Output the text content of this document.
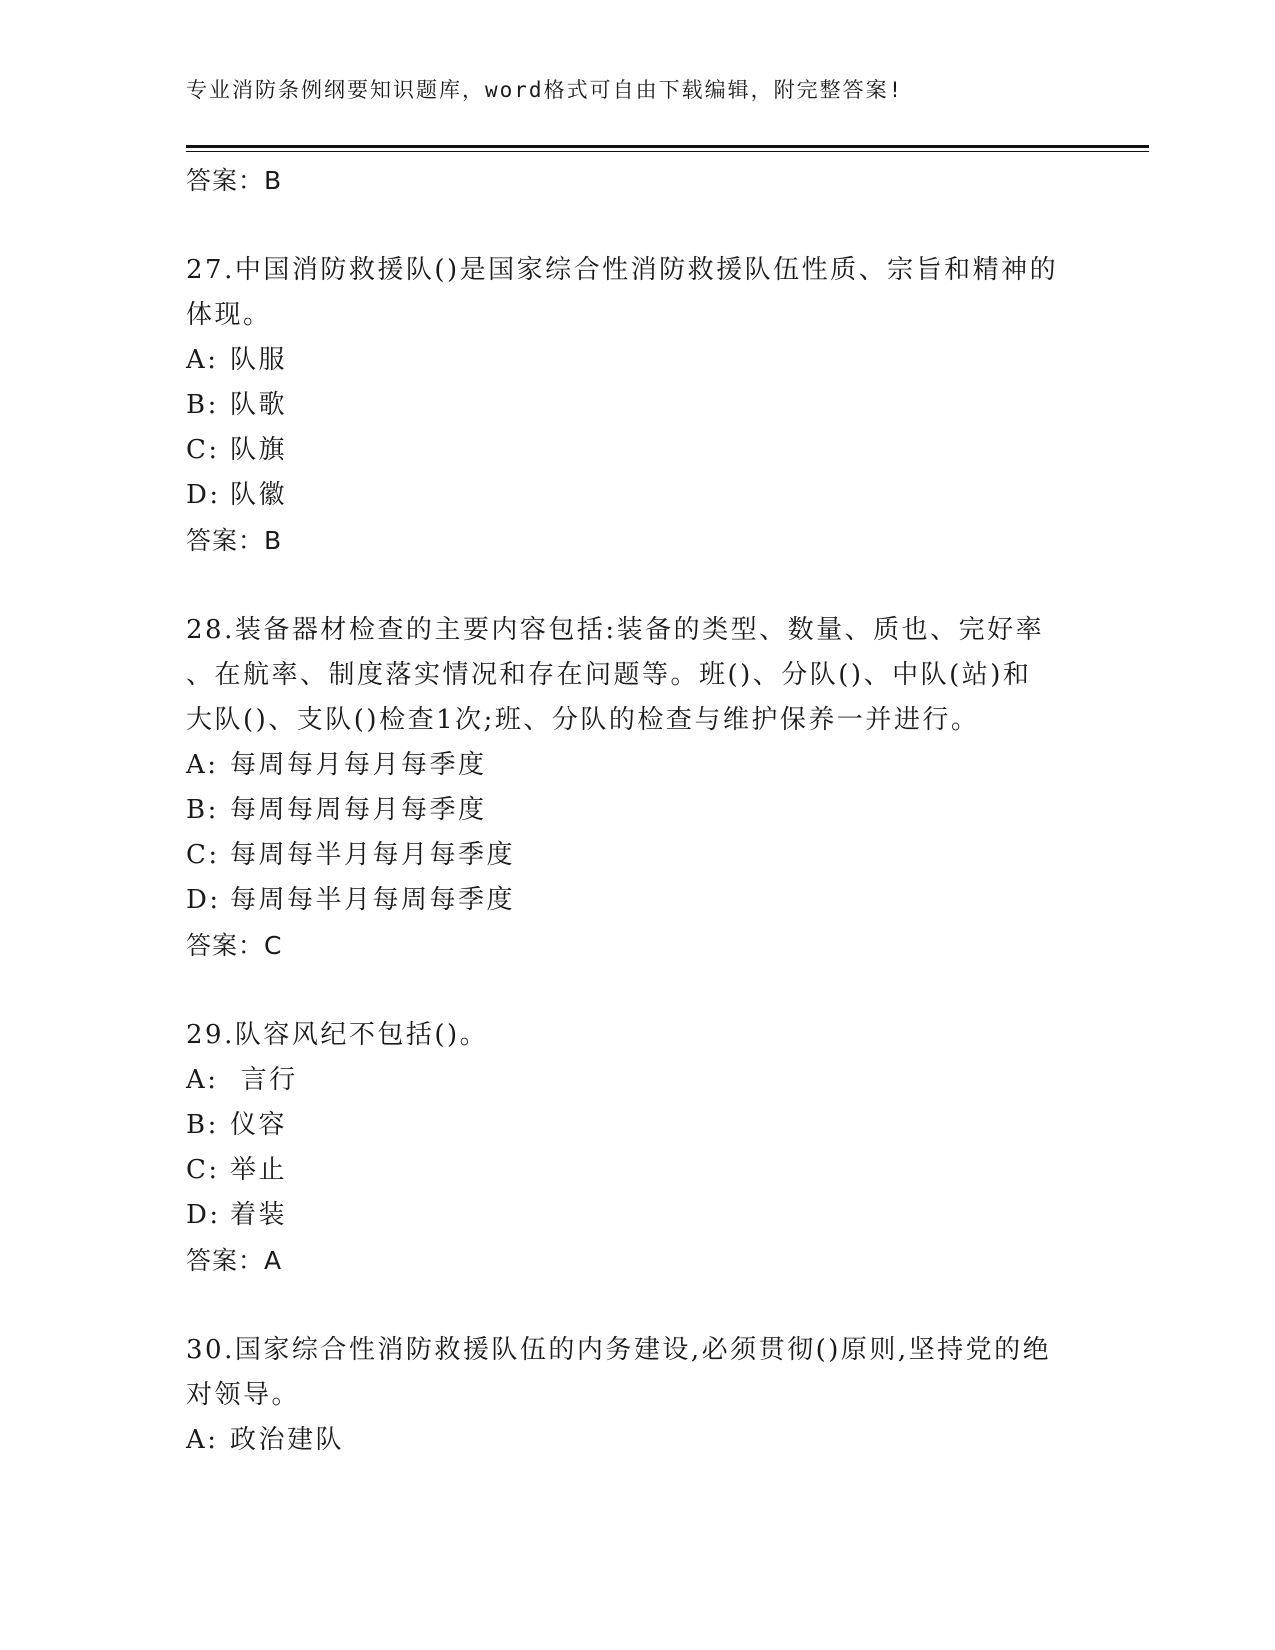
专业消防条例纲要知识题库，word格式可自由下载编辑，附完整答案!
答案：B
27.中国消防救援队()是国家综合性消防救援队伍性质、宗旨和精神的
体现。
A: 队服
B: 队歌
C: 队旗
D: 队徽
答案：B
28.装备器材检查的主要内容包括:装备的类型、数量、质也、完好率
、在航率、制度落实情况和存在问题等。班()、分队()、中队(站)和
大队()、支队()检查1次;班、分队的检查与维护保养一并进行。
A: 每周每月每月每季度
B: 每周每周每月每季度
C: 每周每半月每月每季度
D: 每周每半月每周每季度
答案：C
29.队容风纪不包括()。
A: 言行
B: 仪容
C: 举止
D: 着装
答案：A
30.国家综合性消防救援队伍的内务建设,必须贯彻()原则,坚持党的绝
对领导。
A: 政治建队
